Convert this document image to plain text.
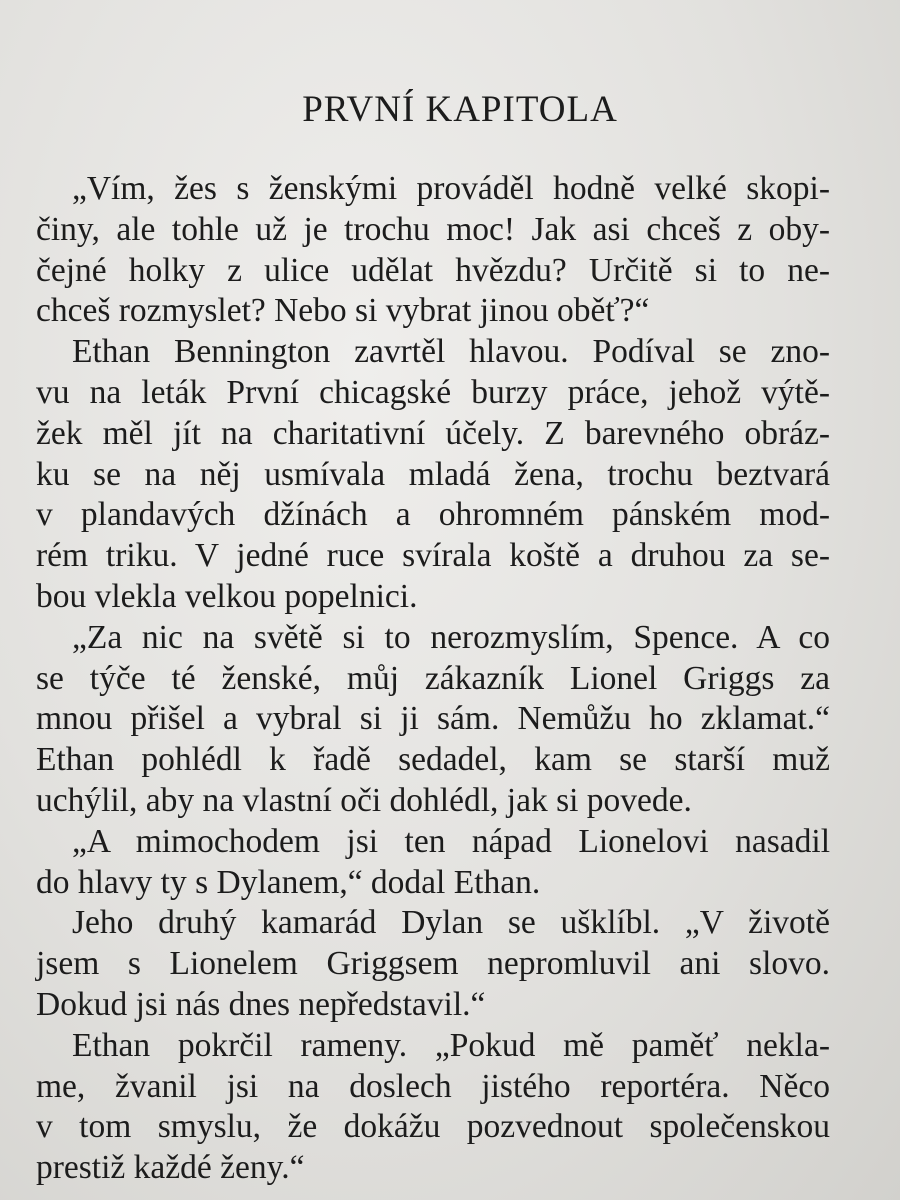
PRVNÍ KAPITOLA
„Vím, žes s ženskými prováděl hodně velké skopi-
činy, ale tohle už je trochu moc! Jak asi chceš z oby-
čejné holky z ulice udělat hvězdu? Určitě si to ne-
chceš rozmyslet? Nebo si vybrat jinou oběť?“
Ethan Bennington zavrtěl hlavou. Podíval se zno-
vu na leták První chicagské burzy práce, jehož výtě-
žek měl jít na charitativní účely. Z barevného obráz-
ku se na něj usmívala mladá žena, trochu beztvará
v plandavých džínách a ohromném pánském mod-
rém triku. V jedné ruce svírala koště a druhou za se-
bou vlekla velkou popelnici.
„Za nic na světě si to nerozmyslím, Spence. A co
se týče té ženské, můj zákazník Lionel Griggs za
mnou přišel a vybral si ji sám. Nemůžu ho zklamat.“
Ethan pohlédl k řadě sedadel, kam se starší muž
uchýlil, aby na vlastní oči dohlédl, jak si povede.
„A mimochodem jsi ten nápad Lionelovi nasadil
do hlavy ty s Dylanem,“ dodal Ethan.
Jeho druhý kamarád Dylan se ušklíbl. „V životě
jsem s Lionelem Griggsem nepromluvil ani slovo.
Dokud jsi nás dnes nepředstavil.“
Ethan pokrčil rameny. „Pokud mě paměť nekla-
me, žvanil jsi na doslech jistého reportéra. Něco
v tom smyslu, že dokážu pozvednout společenskou
prestiž každé ženy.“
